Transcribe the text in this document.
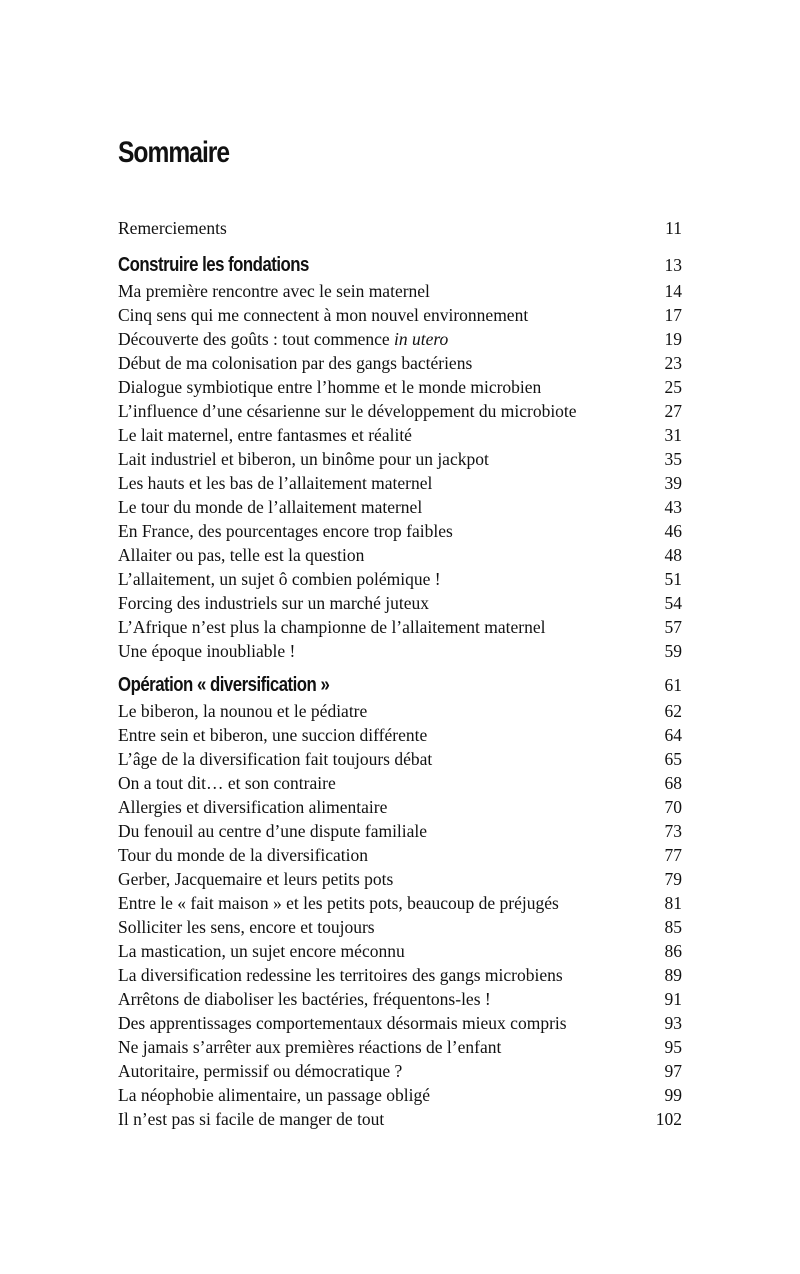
Sommaire
Remerciements	11
Construire les fondations	13
Ma première rencontre avec le sein maternel	14
Cinq sens qui me connectent à mon nouvel environnement	17
Découverte des goûts : tout commence in utero	19
Début de ma colonisation par des gangs bactériens	23
Dialogue symbiotique entre l’homme et le monde microbien	25
L’influence d’une césarienne sur le développement du microbiote	27
Le lait maternel, entre fantasmes et réalité	31
Lait industriel et biberon, un binôme pour un jackpot	35
Les hauts et les bas de l’allaitement maternel	39
Le tour du monde de l’allaitement maternel	43
En France, des pourcentages encore trop faibles	46
Allaiter ou pas, telle est la question	48
L’allaitement, un sujet ô combien polémique !	51
Forcing des industriels sur un marché juteux	54
L’Afrique n’est plus la championne de l’allaitement maternel	57
Une époque inoubliable !	59
Opération « diversification »	61
Le biberon, la nounou et le pédiatre	62
Entre sein et biberon, une succion différente	64
L’âge de la diversification fait toujours débat	65
On a tout dit… et son contraire	68
Allergies et diversification alimentaire	70
Du fenouil au centre d’une dispute familiale	73
Tour du monde de la diversification	77
Gerber, Jacquemaire et leurs petits pots	79
Entre le « fait maison » et les petits pots, beaucoup de préjugés	81
Solliciter les sens, encore et toujours	85
La mastication, un sujet encore méconnu	86
La diversification redessine les territoires des gangs microbiens	89
Arrêtons de diaboliser les bactéries, fréquentons-les !	91
Des apprentissages comportementaux désormais mieux compris	93
Ne jamais s’arrêter aux premières réactions de l’enfant	95
Autoritaire, permissif ou démocratique ?	97
La néophobie alimentaire, un passage obligé	99
Il n’est pas si facile de manger de tout	102
